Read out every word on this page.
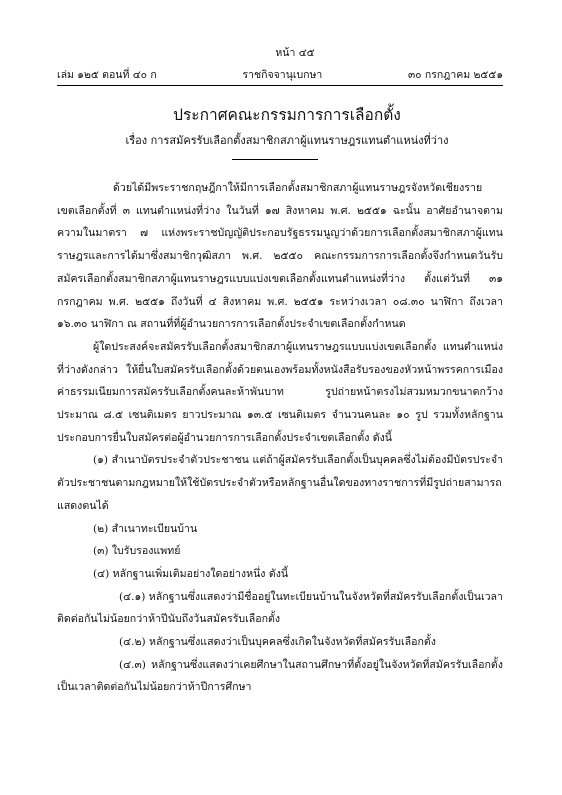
หน้า ๔๕
เล่ม ๑๒๕ ตอนที่ ๔๐ ก	ราชกิจจานุเบกษา	๓๐ กรกฎาคม ๒๕๕๑
ประกาศคณะกรรมการการเลือกตั้ง
เรื่อง การสมัครรับเลือกตั้งสมาชิกสภาผู้แทนราษฎรแทนตำแหน่งที่ว่าง

ด้วยได้มีพระราชกฤษฎีกาให้มีการเลือกตั้งสมาชิกสภาผู้แทนราษฎรจังหวัดเชียงราย เขตเลือกตั้งที่ ๓ แทนตำแหน่งที่ว่าง ในวันที่ ๑๗ สิงหาคม พ.ศ. ๒๕๕๑ ฉะนั้น อาศัยอำนาจตามความในมาตรา ๗ แห่งพระราชบัญญัติประกอบรัฐธรรมนูญว่าด้วยการเลือกตั้งสมาชิกสภาผู้แทนราษฎรและการได้มาซึ่งสมาชิกวุฒิสภา พ.ศ. ๒๕๕๐ คณะกรรมการการเลือกตั้งจึงกำหนดวันรับสมัครเลือกตั้งสมาชิกสภาผู้แทนราษฎรแบบแบ่งเขตเลือกตั้งแทนตำแหน่งที่ว่าง ตั้งแต่วันที่ ๓๑ กรกฎาคม พ.ศ. ๒๕๕๑ ถึงวันที่ ๔ สิงหาคม พ.ศ. ๒๕๕๑ ระหว่างเวลา ๐๘.๓๐ นาฬิกา ถึงเวลา ๑๖.๓๐ นาฬิกา ณ สถานที่ที่ผู้อำนวยการการเลือกตั้งประจำเขตเลือกตั้งกำหนด

ผู้ใดประสงค์จะสมัครรับเลือกตั้งสมาชิกสภาผู้แทนราษฎรแบบแบ่งเขตเลือกตั้ง แทนตำแหน่งที่ว่างดังกล่าว ให้ยื่นใบสมัครรับเลือกตั้งด้วยตนเองพร้อมทั้งหนังสือรับรองของหัวหน้าพรรคการเมือง ค่าธรรมเนียมการสมัครรับเลือกตั้งคนละห้าพันบาท รูปถ่ายหน้าตรงไม่สวมหมวกขนาดกว้างประมาณ ๘.๕ เซนติเมตร ยาวประมาณ ๑๓.๕ เซนติเมตร จำนวนคนละ ๑๐ รูป รวมทั้งหลักฐานประกอบการยื่นใบสมัครต่อผู้อำนวยการการเลือกตั้งประจำเขตเลือกตั้ง ดังนี้

(๑) สำเนาบัตรประจำตัวประชาชน แต่ถ้าผู้สมัครรับเลือกตั้งเป็นบุคคลซึ่งไม่ต้องมีบัตรประจำตัวประชาชนตามกฎหมายให้ใช้บัตรประจำตัวหรือหลักฐานอื่นใดของทางราชการที่มีรูปถ่ายสามารถแสดงตนได้

(๒) สำเนาทะเบียนบ้าน

(๓) ใบรับรองแพทย์

(๔) หลักฐานเพิ่มเติมอย่างใดอย่างหนึ่ง ดังนี้

(๔.๑) หลักฐานซึ่งแสดงว่ามีชื่ออยู่ในทะเบียนบ้านในจังหวัดที่สมัครรับเลือกตั้งเป็นเวลาติดต่อกันไม่น้อยกว่าห้าปีนับถึงวันสมัครรับเลือกตั้ง

(๔.๒) หลักฐานซึ่งแสดงว่าเป็นบุคคลซึ่งเกิดในจังหวัดที่สมัครรับเลือกตั้ง

(๔.๓) หลักฐานซึ่งแสดงว่าเคยศึกษาในสถานศึกษาที่ตั้งอยู่ในจังหวัดที่สมัครรับเลือกตั้งเป็นเวลาติดต่อกันไม่น้อยกว่าห้าปีการศึกษา
